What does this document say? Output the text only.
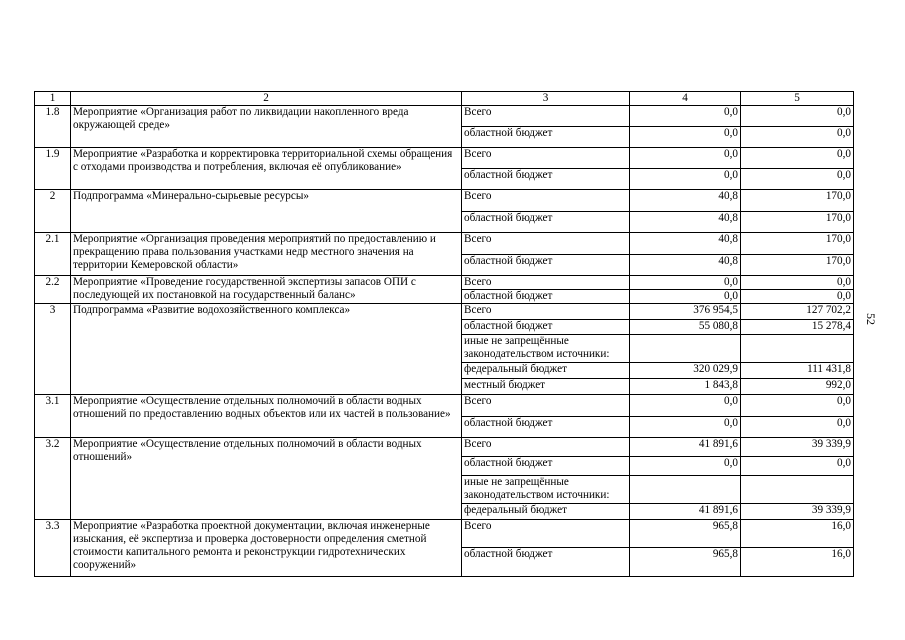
1	2	3	4	5
1.8	Мероприятие «Организация работ по ликвидации накопленного вреда окружающей среде»	Всего	0,0	0,0
		областной бюджет	0,0	0,0
1.9	Мероприятие «Разработка и корректировка территориальной схемы обращения с отходами производства и потребления, включая её опубликование»	Всего	0,0	0,0
		областной бюджет	0,0	0,0
2	Подпрограмма «Минерально-сырьевые ресурсы»	Всего	40,8	170,0
		областной бюджет	40,8	170,0
2.1	Мероприятие «Организация проведения мероприятий по предоставлению и прекращению права пользования участками недр местного значения на территории Кемеровской области»	Всего	40,8	170,0
		областной бюджет	40,8	170,0
2.2	Мероприятие «Проведение государственной экспертизы запасов ОПИ с последующей их постановкой на государственный баланс»	Всего	0,0	0,0
		областной бюджет	0,0	0,0
3	Подпрограмма «Развитие водохозяйственного комплекса»	Всего	376 954,5	127 702,2
		областной бюджет	55 080,8	15 278,4
		иные не запрещённые законодательством источники:		
		федеральный бюджет	320 029,9	111 431,8
		местный бюджет	1 843,8	992,0
3.1	Мероприятие «Осуществление отдельных полномочий в области водных отношений по предоставлению водных объектов или их частей в пользование»	Всего	0,0	0,0
		областной бюджет	0,0	0,0
3.2	Мероприятие «Осуществление отдельных полномочий в области водных отношений»	Всего	41 891,6	39 339,9
		областной бюджет	0,0	0,0
		иные не запрещённые законодательством источники:		
		федеральный бюджет	41 891,6	39 339,9
3.3	Мероприятие «Разработка проектной документации, включая инженерные изыскания, её экспертиза и проверка достоверности определения сметной стоимости капитального ремонта и реконструкции гидротехнических сооружений»	Всего	965,8	16,0
		областной бюджет	965,8	16,0
52
